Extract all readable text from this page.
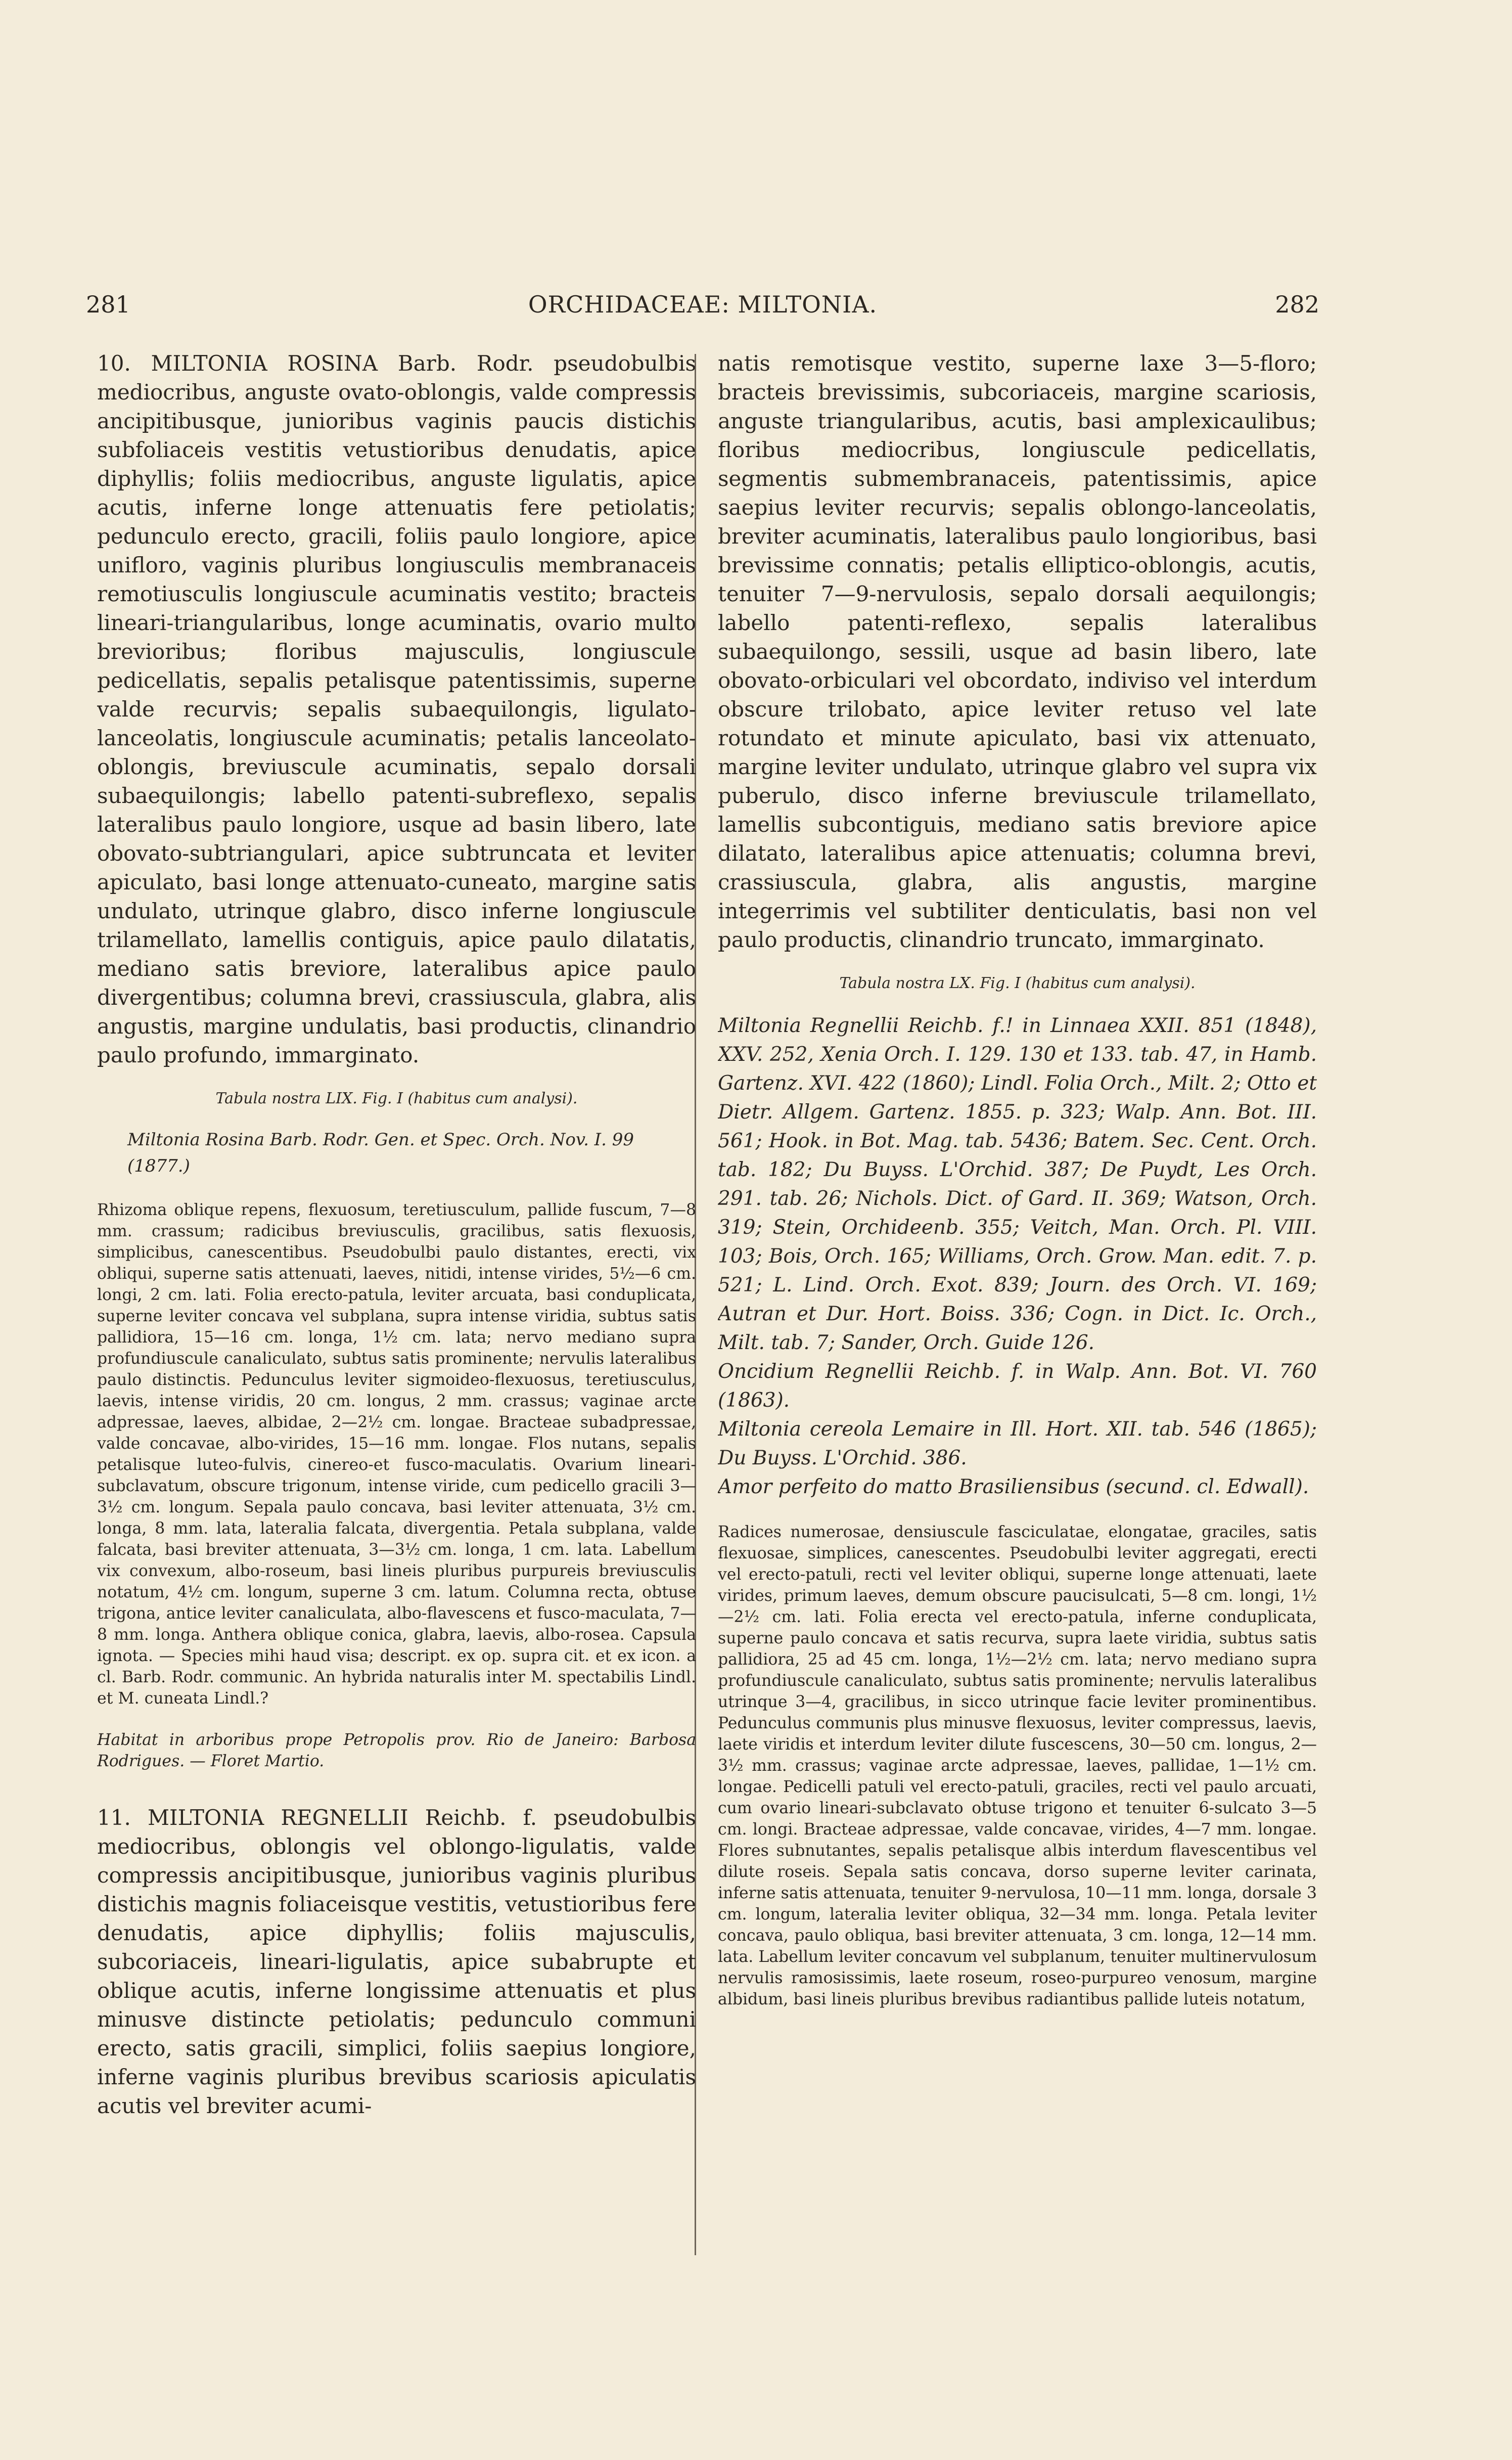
281	ORCHIDACEAE: MILTONIA.	282

10. MILTONIA ROSINA Barb. Rodr. pseudobulbis mediocribus, anguste ovato-oblongis, valde compressis ancipitibusque, junioribus vaginis paucis distichis subfoliaceis vestitis vetustioribus denudatis, apice diphyllis; foliis mediocribus, anguste ligulatis, apice acutis, inferne longe attenuatis fere petiolatis; pedunculo erecto, gracili, foliis paulo longiore, apice unifloro, vaginis pluribus longiusculis membranaceis remotiusculis longiuscule acuminatis vestito; bracteis lineari-triangularibus, longe acuminatis, ovario multo brevioribus; floribus majusculis, longiuscule pedicellatis, sepalis petalisque patentissimis, superne valde recurvis; sepalis subaequilongis, ligulato-lanceolatis, longiuscule acuminatis; petalis lanceolato-oblongis, breviuscule acuminatis, sepalo dorsali subaequilongis; labello patenti-subreflexo, sepalis lateralibus paulo longiore, usque ad basin libero, late obovato-subtriangulari, apice subtruncata et leviter apiculato, basi longe attenuato-cuneato, margine satis undulato, utrinque glabro, disco inferne longiuscule trilamellato, lamellis contiguis, apice paulo dilatatis, mediano satis breviore, lateralibus apice paulo divergentibus; columna brevi, crassiuscula, glabra, alis angustis, margine undulatis, basi productis, clinandrio paulo profundo, immarginato.

Tabula nostra LIX. Fig. I (habitus cum analysi).

Miltonia Rosina Barb. Rodr. Gen. et Spec. Orch. Nov. I. 99 (1877.)

Rhizoma oblique repens, flexuosum, teretiusculum, pallide fuscum, 7—8 mm. crassum; radicibus breviusculis, gracilibus, satis flexuosis, simplicibus, canescentibus. Pseudobulbi paulo distantes, erecti, vix obliqui, superne satis attenuati, laeves, nitidi, intense virides, 5½—6 cm. longi, 2 cm. lati. Folia erecto-patula, leviter arcuata, basi conduplicata, superne leviter concava vel subplana, supra intense viridia, subtus satis pallidiora, 15—16 cm. longa, 1½ cm. lata; nervo mediano supra profundiuscule canaliculato, subtus satis prominente; nervulis lateralibus paulo distinctis. Pedunculus leviter sigmoideo-flexuosus, teretiusculus, laevis, intense viridis, 20 cm. longus, 2 mm. crassus; vaginae arcte adpressae, laeves, albidae, 2—2½ cm. longae. Bracteae subadpressae, valde concavae, albo-virides, 15—16 mm. longae. Flos nutans, sepalis petalisque luteo-fulvis, cinereo-et fusco-maculatis. Ovarium lineari-subclavatum, obscure trigonum, intense viride, cum pedicello gracili 3—3½ cm. longum. Sepala paulo concava, basi leviter attenuata, 3½ cm. longa, 8 mm. lata, lateralia falcata, divergentia. Petala subplana, valde falcata, basi breviter attenuata, 3—3½ cm. longa, 1 cm. lata. Labellum vix convexum, albo-roseum, basi lineis pluribus purpureis breviusculis notatum, 4½ cm. longum, superne 3 cm. latum. Columna recta, obtuse trigona, antice leviter canaliculata, albo-flavescens et fusco-maculata, 7—8 mm. longa. Anthera oblique conica, glabra, laevis, albo-rosea. Capsula ignota. — Species mihi haud visa; descript. ex op. supra cit. et ex icon. a cl. Barb. Rodr. communic. An hybrida naturalis inter M. spectabilis Lindl. et M. cuneata Lindl.?

Habitat in arboribus prope Petropolis prov. Rio de Janeiro: Barbosa Rodrigues. — Floret Martio.

11. MILTONIA REGNELLII Reichb. f. pseudobulbis mediocribus, oblongis vel oblongo-ligulatis, valde compressis ancipitibusque, junioribus vaginis pluribus distichis magnis foliaceisque vestitis, vetustioribus fere denudatis, apice diphyllis; foliis majusculis, subcoriaceis, lineari-ligulatis, apice subabrupte et oblique acutis, inferne longissime attenuatis et plus minusve distincte petiolatis; pedunculo communi erecto, satis gracili, simplici, foliis saepius longiore, inferne vaginis pluribus brevibus scariosis apiculatis acutis vel breviter acumi-

natis remotisque vestito, superne laxe 3—5-floro; bracteis brevissimis, subcoriaceis, margine scariosis, anguste triangularibus, acutis, basi amplexicaulibus; floribus mediocribus, longiuscule pedicellatis, segmentis submembranaceis, patentissimis, apice saepius leviter recurvis; sepalis oblongo-lanceolatis, breviter acuminatis, lateralibus paulo longioribus, basi brevissime connatis; petalis elliptico-oblongis, acutis, tenuiter 7—9-nervulosis, sepalo dorsali aequilongis; labello patenti-reflexo, sepalis lateralibus subaequilongo, sessili, usque ad basin libero, late obovato-orbiculari vel obcordato, indiviso vel interdum obscure trilobato, apice leviter retuso vel late rotundato et minute apiculato, basi vix attenuato, margine leviter undulato, utrinque glabro vel supra vix puberulo, disco inferne breviuscule trilamellato, lamellis subcontiguis, mediano satis breviore apice dilatato, lateralibus apice attenuatis; columna brevi, crassiuscula, glabra, alis angustis, margine integerrimis vel subtiliter denticulatis, basi non vel paulo productis, clinandrio truncato, immarginato.

Tabula nostra LX. Fig. I (habitus cum analysi).

Miltonia Regnellii Reichb. f.! in Linnaea XXII. 851 (1848), XXV. 252, Xenia Orch. I. 129. 130 et 133. tab. 47, in Hamb. Gartenz. XVI. 422 (1860); Lindl. Folia Orch., Milt. 2; Otto et Dietr. Allgem. Gartenz. 1855. p. 323; Walp. Ann. Bot. III. 561; Hook. in Bot. Mag. tab. 5436; Batem. Sec. Cent. Orch. tab. 182; Du Buyss. L'Orchid. 387; De Puydt, Les Orch. 291. tab. 26; Nichols. Dict. of Gard. II. 369; Watson, Orch. 319; Stein, Orchideenb. 355; Veitch, Man. Orch. Pl. VIII. 103; Bois, Orch. 165; Williams, Orch. Grow. Man. edit. 7. p. 521; L. Lind. Orch. Exot. 839; Journ. des Orch. VI. 169; Autran et Dur. Hort. Boiss. 336; Cogn. in Dict. Ic. Orch., Milt. tab. 7; Sander, Orch. Guide 126.

Oncidium Regnellii Reichb. f. in Walp. Ann. Bot. VI. 760 (1863).

Miltonia cereola Lemaire in Ill. Hort. XII. tab. 546 (1865); Du Buyss. L'Orchid. 386.

Amor perfeito do matto Brasiliensibus (secund. cl. Edwall).

Radices numerosae, densiuscule fasciculatae, elongatae, graciles, satis flexuosae, simplices, canescentes. Pseudobulbi leviter aggregati, erecti vel erecto-patuli, recti vel leviter obliqui, superne longe attenuati, laete virides, primum laeves, demum obscure paucisulcati, 5—8 cm. longi, 1½—2½ cm. lati. Folia erecta vel erecto-patula, inferne conduplicata, superne paulo concava et satis recurva, supra laete viridia, subtus satis pallidiora, 25 ad 45 cm. longa, 1½—2½ cm. lata; nervo mediano supra profundiuscule canaliculato, subtus satis prominente; nervulis lateralibus utrinque 3—4, gracilibus, in sicco utrinque facie leviter prominentibus. Pedunculus communis plus minusve flexuosus, leviter compressus, laevis, laete viridis et interdum leviter dilute fuscescens, 30—50 cm. longus, 2—3½ mm. crassus; vaginae arcte adpressae, laeves, pallidae, 1—1½ cm. longae. Pedicelli patuli vel erecto-patuli, graciles, recti vel paulo arcuati, cum ovario lineari-subclavato obtuse trigono et tenuiter 6-sulcato 3—5 cm. longi. Bracteae adpressae, valde concavae, virides, 4—7 mm. longae. Flores subnutantes, sepalis petalisque albis interdum flavescentibus vel dilute roseis. Sepala satis concava, dorso superne leviter carinata, inferne satis attenuata, tenuiter 9-nervulosa, 10—11 mm. longa, dorsale 3 cm. longum, lateralia leviter obliqua, 32—34 mm. longa. Petala leviter concava, paulo obliqua, basi breviter attenuata, 3 cm. longa, 12—14 mm. lata. Labellum leviter concavum vel subplanum, tenuiter multinervulosum nervulis ramosissimis, laete roseum, roseo-purpureo venosum, margine albidum, basi lineis pluribus brevibus radiantibus pallide luteis notatum,
